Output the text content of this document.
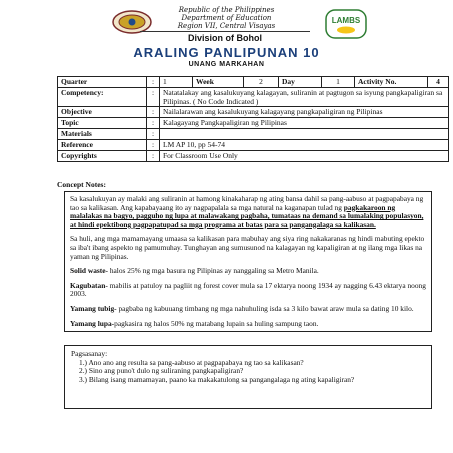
Republic of the Philippines
Department of Education
Region VII, Central Visayas
Division of Bohol
LAMBS
ARALING PANLIPUNAN 10
UNANG MARKAHAN
Quarter	:	1	Week	2	Day	1	Activity No.	4

Competency:	:	Natatalakay ang kasalukuyang kalagayan, suliranin at pagtugon sa isyung pangkapaligiran sa Pilipinas. ( No Code Indicated )
Objective	:	Nailalarawan ang kasalukuyang kalagayang pangkapaligiran ng Pilipinas
Topic	:	Kalagayang Pangkapaligiran ng Pilipinas
Materials	:	
Reference	:	LM AP 10, pp 54-74
Copyrights	:	For Classroom Use Only
Concept Notes:

Sa kasalukuyan ay malaki ang suliranin at hamong kinakaharap ng ating bansa dahil sa pang-aabuso at pagpapabaya ng tao sa kalikasan. Ang kapabayaang ito ay nagpapalala sa mga natural na kaganapan tulad ng pagkakaroon ng malalakas na bagyo, pagguho ng lupa at malawakang pagbaha, tumataas na demand sa lumalaking populasyon, at hindi epektibong pagpapatupad sa mga programa at batas para sa pangangalaga sa kalikasan.

Sa huli, ang mga mamamayang umaasa sa kalikasan para mabuhay ang siya ring nakakaranas ng hindi mabuting epekto sa iba't ibang aspekto ng pamumuhay. Tunghayan ang sumusunod na kalagayan ng kapaligiran at ng ilang mga likas na yaman ng Pilipinas.

Solid waste- halos 25% ng mga basura ng Pilipinas ay nanggaling sa Metro Manila.

Kagubatan- mabilis at patuloy na pagliit ng forest cover mula sa 17 ektarya noong 1934 ay nagging 6.43 ektarya noong 2003.

Yamang tubig- pagbaba ng kabuuang timbang ng mga nahuhuling isda sa 3 kilo bawat araw mula sa dating 10 kilo.

Yamang lupa-pagkasira ng halos 50% ng matabang lupain sa huling sampung taon.

Pagsasanay:
1.) Ano ano ang resulta sa pang-aabuso at pagpapabaya ng tao sa kalikasan?
2.) Sino ang puno't dulo ng suliraning pangkapaligiran?
3.) Bilang isang mamamayan, paano ka makakatulong sa pangangalaga ng ating kapaligiran?
